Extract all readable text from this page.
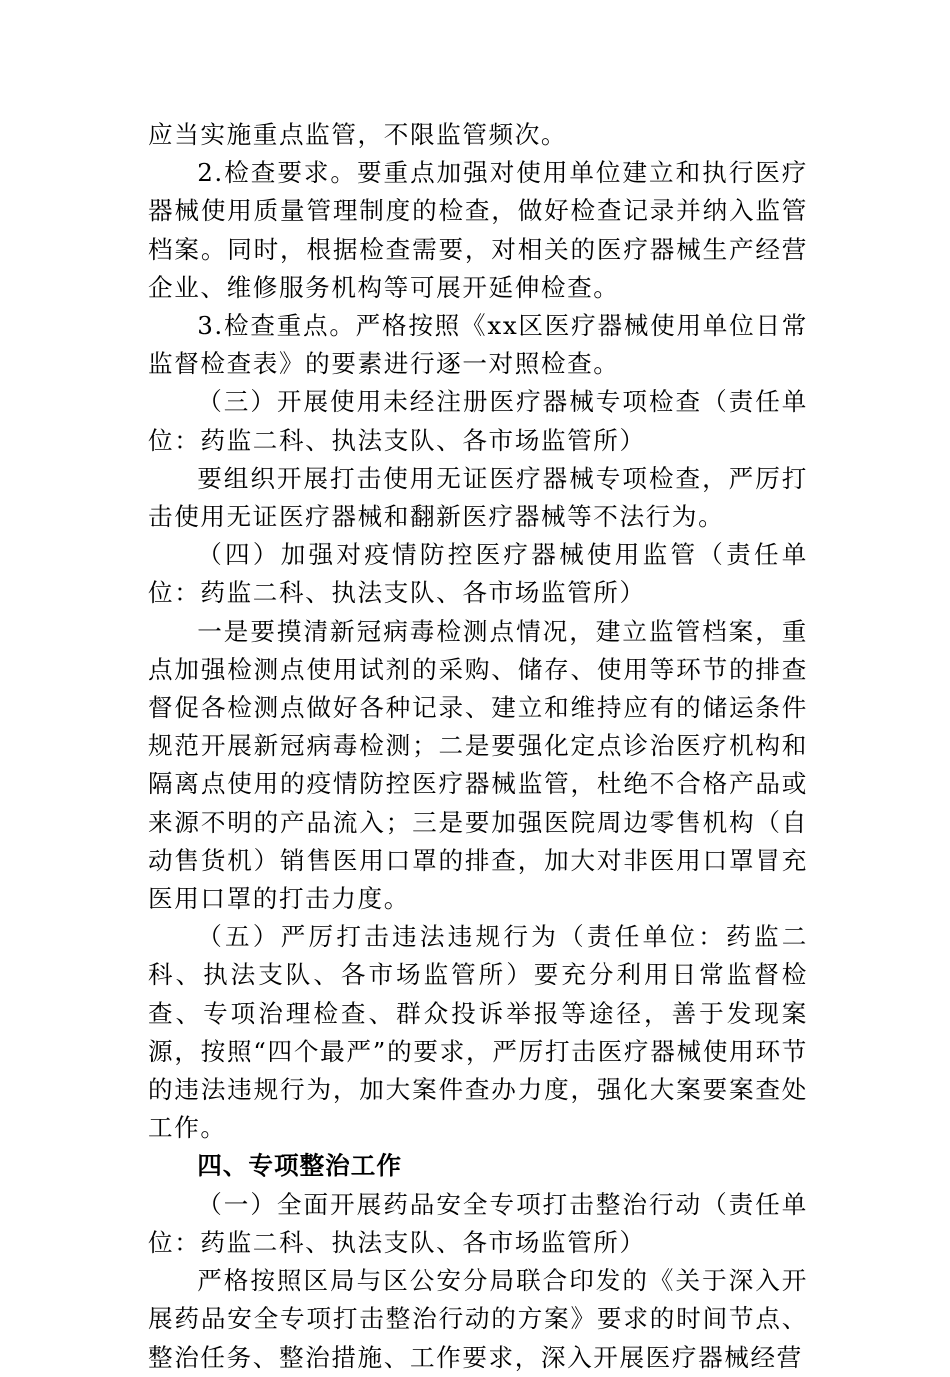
应当实施重点监管，不限监管频次。

2.检查要求。要重点加强对使用单位建立和执行医疗器械使用质量管理制度的检查，做好检查记录并纳入监管档案。同时，根据检查需要，对相关的医疗器械生产经营企业、维修服务机构等可展开延伸检查。

3.检查重点。严格按照《xx区医疗器械使用单位日常监督检查表》的要素进行逐一对照检查。

（三）开展使用未经注册医疗器械专项检查（责任单位：药监二科、执法支队、各市场监管所）

要组织开展打击使用无证医疗器械专项检查，严厉打击使用无证医疗器械和翻新医疗器械等不法行为。

（四）加强对疫情防控医疗器械使用监管（责任单位：药监二科、执法支队、各市场监管所）

一是要摸清新冠病毒检测点情况，建立监管档案，重点加强检测点使用试剂的采购、储存、使用等环节的排查督促各检测点做好各种记录、建立和维持应有的储运条件规范开展新冠病毒检测；二是要强化定点诊治医疗机构和隔离点使用的疫情防控医疗器械监管，杜绝不合格产品或来源不明的产品流入；三是要加强医院周边零售机构（自动售货机）销售医用口罩的排查，加大对非医用口罩冒充医用口罩的打击力度。

（五）严厉打击违法违规行为（责任单位：药监二科、执法支队、各市场监管所）要充分利用日常监督检查、专项治理检查、群众投诉举报等途径，善于发现案源，按照“四个最严”的要求，严厉打击医疗器械使用环节的违法违规行为，加大案件查办力度，强化大案要案查处工作。

四、专项整治工作

（一）全面开展药品安全专项打击整治行动（责任单位：药监二科、执法支队、各市场监管所）

严格按照区局与区公安分局联合印发的《关于深入开展药品安全专项打击整治行动的方案》要求的时间节点、整治任务、整治措施、工作要求，深入开展医疗器械经营
